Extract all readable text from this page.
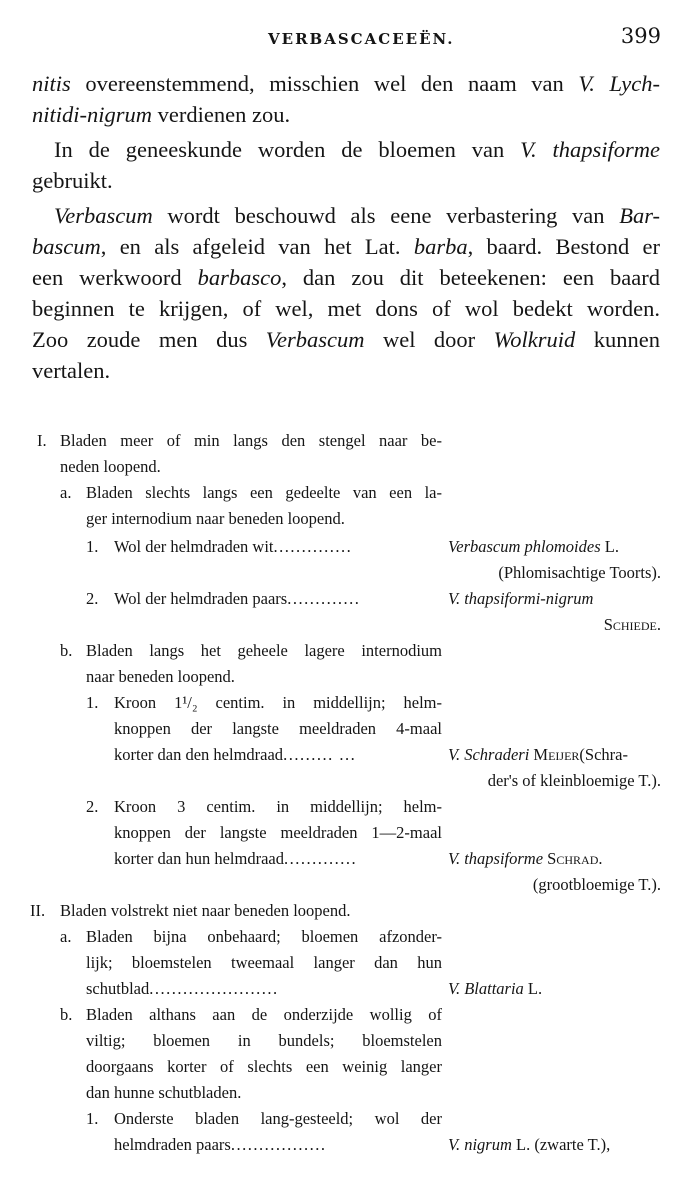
VERBASCACEEËN.	399
nitis overeenstemmend, misschien wel den naam van V. Lych-
nitidi-nigrum verdienen zou.
In de geneeskunde worden de bloemen van V. thapsiforme
gebruikt.
Verbascum wordt beschouwd als eene verbastering van Bar-
bascum, en als afgeleid van het Lat. barba, baard. Bestond er
een werkwoord barbasco, dan zou dit beteekenen: een baard
beginnen te krijgen, of wel, met dons of wol bedekt worden.
Zoo zoude men dus Verbascum wel door Wolkruid kunnen
vertalen.
I. Bladen meer of min langs den stengel naar be-
neden loopend.
a. Bladen slechts langs een gedeelte van een la-
ger internodium naar beneden loopend.
1. Wol der helmdraden wit..............	Verbascum phlomoides L.
(Phlomisachtige Toorts).
2. Wol der helmdraden paars.............	V. thapsiformi-nigrum
Schiede.
b. Bladen langs het geheele lagere internodium
naar beneden loopend.
1. Kroon 1¹/₂ centim. in middellijn; helm-
knoppen der langste meeldraden 4-maal
korter dan den helmdraad......... ...	V. Schraderi Meijer(Schra-
der's of kleinbloemige T.).
2. Kroon 3 centim. in middellijn; helm-
knoppen der langste meeldraden 1—2-maal
korter dan hun helmdraad.............	V. thapsiforme Schrad.
(grootbloemige T.).
II. Bladen volstrekt niet naar beneden loopend.
a. Bladen bijna onbehaard; bloemen afzonder-
lijk; bloemstelen tweemaal langer dan hun
schutblad.......................	V. Blattaria L.
b. Bladen althans aan de onderzijde wollig of
viltig; bloemen in bundels; bloemstelen
doorgaans korter of slechts een weinig langer
dan hunne schutbladen.
1. Onderste bladen lang-gesteeld; wol der
helmdraden paars.................	V. nigrum L. (zwarte T.),
